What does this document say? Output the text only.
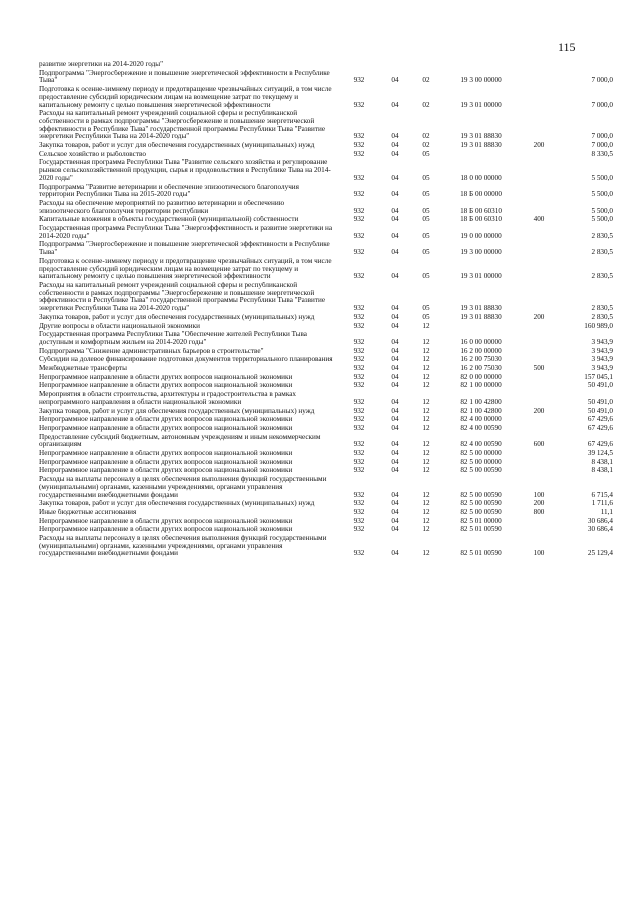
115
развитие энергетики на 2014-2020 годы"						
Подпрограмма "Энергосбережение и повышение энергетической эффективности в Республике Тыва"	932	04	02	19 3 00 00000		7 000,0
Подготовка к осенне-зимнему периоду и предотвращение чрезвычайных ситуаций, в том числе предоставление субсидий юридическим лицам на возмещение затрат по текущему и капитальному ремонту с целью повышения энергетической эффективности	932	04	02	19 3 01 00000		7 000,0
Расходы на капитальный ремонт учреждений социальной сферы и республиканской собственности в рамках подпрограммы "Энергосбережение и повышение энергетической эффективности в Республике Тыва" государственной программы Республики Тыва "Развитие энергетики Республики Тыва на 2014-2020 годы"	932	04	02	19 3 01 88830		7 000,0
Закупка товаров, работ и услуг для обеспечения государственных (муниципальных) нужд	932	04	02	19 3 01 88830	200	7 000,0
Сельское хозяйство и рыболовство	932	04	05			8 330,5
Государственная программа Республики Тыва "Развитие сельского хозяйства и регулирование рынков сельскохозяйственной продукции, сырья и продовольствия в Республике Тыва на 2014-2020 годы"	932	04	05	18 0 00 00000		5 500,0
Подпрограмма "Развитие ветеринарии и обеспечение эпизоотического благополучия территории Республики Тыва на 2015-2020 годы"	932	04	05	18 Б 00 00000		5 500,0
Расходы на обеспечение мероприятий по развитию ветеринарии и обеспечению эпизоотического благополучия территории республики	932	04	05	18 Б 00 60310		5 500,0
Капитальные вложения в объекты государственной (муниципальной) собственности	932	04	05	18 Б 00 60310	400	5 500,0
Государственная программа Республики Тыва "Энергоэффективность и развитие энергетики на 2014-2020 годы"	932	04	05	19 0 00 00000		2 830,5
Подпрограмма "Энергосбережение и повышение энергетической эффективности в Республике Тыва"	932	04	05	19 3 00 00000		2 830,5
Подготовка к осенне-зимнему периоду и предотвращение чрезвычайных ситуаций, в том числе предоставление субсидий юридическим лицам на возмещение затрат по текущему и капитальному ремонту с целью повышения энергетической эффективности	932	04	05	19 3 01 00000		2 830,5
Расходы на капитальный ремонт учреждений социальной сферы и республиканской собственности в рамках подпрограммы "Энергосбережение и повышение энергетической эффективности в Республике Тыва" государственной программы Республики Тыва "Развитие энергетики Республики Тыва на 2014-2020 годы"	932	04	05	19 3 01 88830		2 830,5
Закупка товаров, работ и услуг для обеспечения государственных (муниципальных) нужд	932	04	05	19 3 01 88830	200	2 830,5
Другие вопросы в области национальной экономики	932	04	12			160 989,0
Государственная программа Республики Тыва "Обеспечение жителей Республики Тыва доступным и комфортным жильем на 2014-2020 годы"	932	04	12	16 0 00 00000		3 943,9
Подпрограмма "Снижение административных барьеров в строительстве"	932	04	12	16 2 00 00000		3 943,9
Субсидии на долевое финансирование подготовки документов территориального планирования	932	04	12	16 2 00 75030		3 943,9
Межбюджетные трансферты	932	04	12	16 2 00 75030	500	3 943,9
Непрограммное направление в области других вопросов национальной экономики	932	04	12	82 0 00 00000		157 045,1
Непрограммное направление в области других вопросов национальной экономики	932	04	12	82 1 00 00000		50 491,0
Мероприятия в области строительства, архитектуры и градостроительства в рамках непрограммного направления в области национальной экономики	932	04	12	82 1 00 42800		50 491,0
Закупка товаров, работ и услуг для обеспечения государственных (муниципальных) нужд	932	04	12	82 1 00 42800	200	50 491,0
Непрограммное направление в области других вопросов национальной экономики	932	04	12	82 4 00 00000		67 429,6
Непрограммное направление в области других вопросов национальной экономики	932	04	12	82 4 00 00590		67 429,6
Предоставление субсидий бюджетным, автономным учреждениям и иным некоммерческим организациям	932	04	12	82 4 00 00590	600	67 429,6
Непрограммное направление в области других вопросов национальной экономики	932	04	12	82 5 00 00000		39 124,5
Непрограммное направление в области других вопросов национальной экономики	932	04	12	82 5 00 00000		8 438,1
Непрограммное направление в области других вопросов национальной экономики	932	04	12	82 5 00 00590		8 438,1
Расходы на выплаты персоналу в целях обеспечения выполнения функций государственными (муниципальными) органами, казенными учреждениями, органами управления государственными внебюджетными фондами	932	04	12	82 5 00 00590	100	6 715,4
Закупка товаров, работ и услуг для обеспечения государственных (муниципальных) нужд	932	04	12	82 5 00 00590	200	1 711,6
Иные бюджетные ассигнования	932	04	12	82 5 00 00590	800	11,1
Непрограммное направление в области других вопросов национальной экономики	932	04	12	82 5 01 00000		30 686,4
Непрограммное направление в области других вопросов национальной экономики	932	04	12	82 5 01 00590		30 686,4
Расходы на выплаты персоналу в целях обеспечения выполнения функций государственными (муниципальными) органами, казенными учреждениями, органами управления государственными внебюджетными фондами	932	04	12	82 5 01 00590	100	25 129,4
